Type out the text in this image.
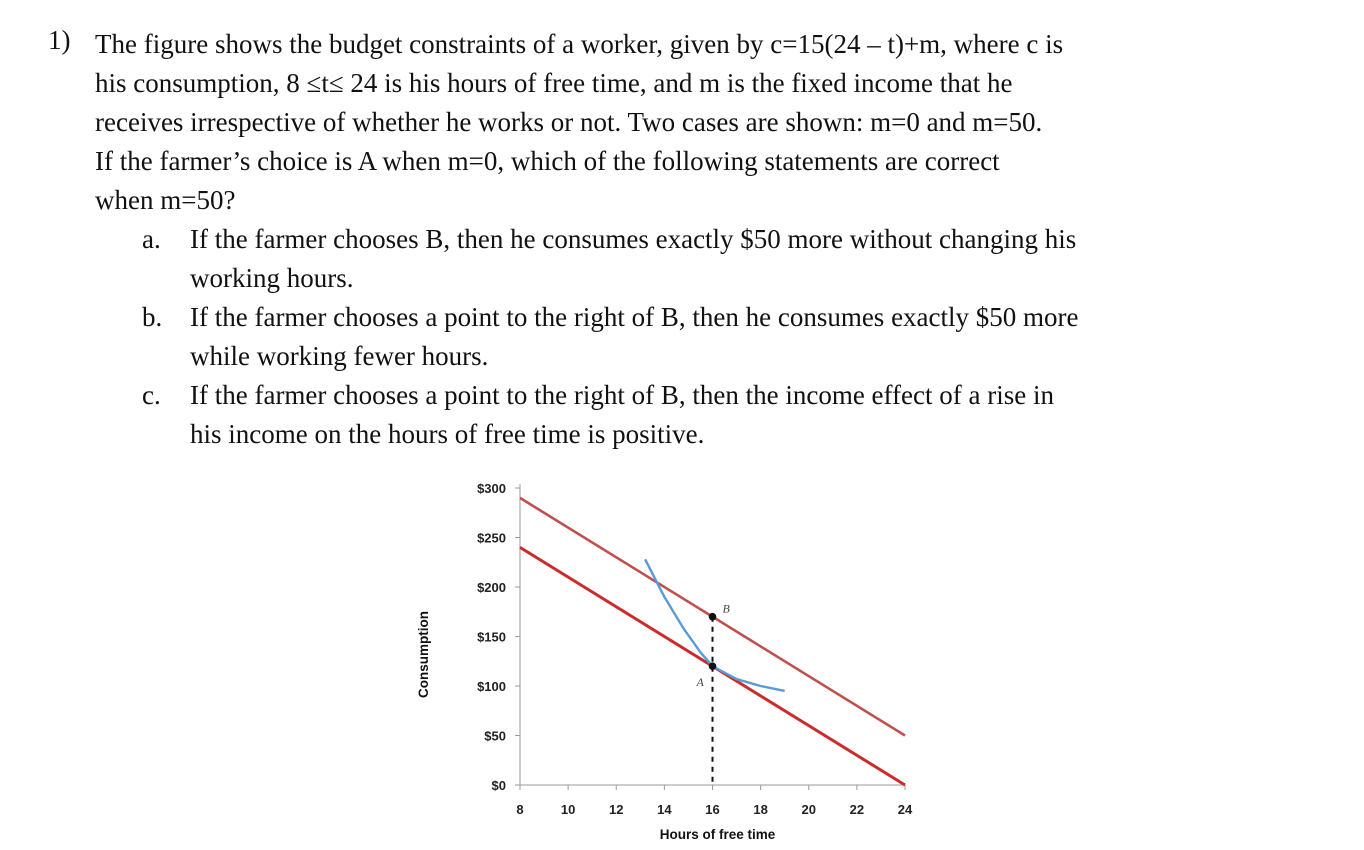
1) The figure shows the budget constraints of a worker, given by c=15(24 – t)+m, where c is
his consumption, 8 ≤t≤ 24 is his hours of free time, and m is the fixed income that he
receives irrespective of whether he works or not. Two cases are shown: m=0 and m=50.
If the farmer’s choice is A when m=0, which of the following statements are correct
when m=50?
a. If the farmer chooses B, then he consumes exactly $50 more without changing his
working hours.
b. If the farmer chooses a point to the right of B, then he consumes exactly $50 more
while working fewer hours.
c. If the farmer chooses a point to the right of B, then the income effect of a rise in
his income on the hours of free time is positive.
$0
$50
$100
$150
$200
$250
$300
8	10	12	14	16	18	20	22	24
Hours of free time
Consumption	A
B
